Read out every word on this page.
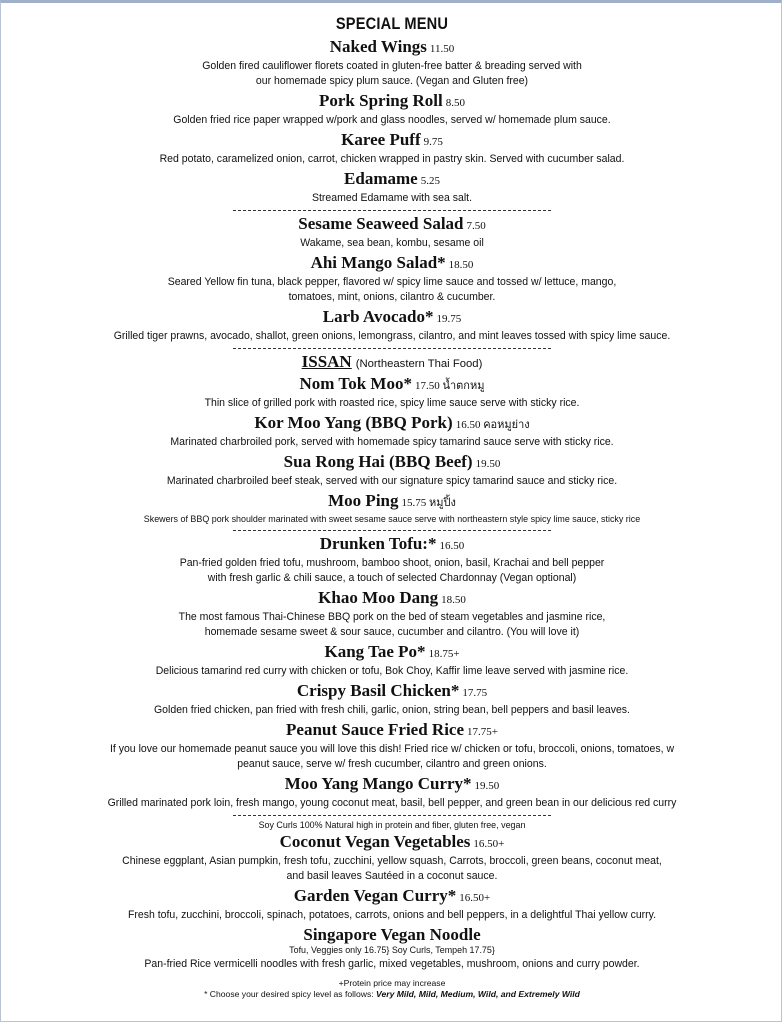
SPECIAL MENU
Naked Wings 11.50
Golden fired cauliflower florets coated in gluten-free batter & breading served with
our homemade spicy plum sauce. (Vegan and Gluten free)
Pork Spring Roll 8.50
Golden fried rice paper wrapped w/pork and glass noodles, served w/ homemade plum sauce.
Karee Puff 9.75
Red potato, caramelized onion, carrot, chicken wrapped in pastry skin. Served with cucumber salad.
Edamame 5.25
Streamed Edamame with sea salt.
Sesame Seaweed Salad 7.50
Wakame, sea bean, kombu, sesame oil
Ahi Mango Salad* 18.50
Seared Yellow fin tuna, black pepper, flavored w/ spicy lime sauce and tossed w/ lettuce, mango,
tomatoes, mint, onions, cilantro & cucumber.
Larb Avocado* 19.75
Grilled tiger prawns, avocado, shallot, green onions, lemongrass, cilantro, and mint leaves tossed with spicy lime sauce.
ISSAN (Northeastern Thai Food)
Nom Tok Moo* 17.50 น้ำตกหมู
Thin slice of grilled pork with roasted rice, spicy lime sauce serve with sticky rice.
Kor Moo Yang (BBQ Pork) 16.50 คอหมูย่าง
Marinated charbroiled pork, served with homemade spicy tamarind sauce serve with sticky rice.
Sua Rong Hai (BBQ Beef) 19.50
Marinated charbroiled beef steak, served with our signature spicy tamarind sauce and sticky rice.
Moo Ping 15.75 หมูปิ้ง
Skewers of BBQ pork shoulder marinated with sweet sesame sauce serve with northeastern style spicy lime sauce, sticky rice
Drunken Tofu:* 16.50
Pan-fried golden fried tofu, mushroom, bamboo shoot, onion, basil, Krachai and bell pepper
with fresh garlic & chili sauce, a touch of selected Chardonnay (Vegan optional)
Khao Moo Dang 18.50
The most famous Thai-Chinese BBQ pork on the bed of steam vegetables and jasmine rice,
homemade sesame sweet & sour sauce, cucumber and cilantro. (You will love it)
Kang Tae Po* 18.75+
Delicious tamarind red curry with chicken or tofu, Bok Choy, Kaffir lime leave served with jasmine rice.
Crispy Basil Chicken* 17.75
Golden fried chicken, pan fried with fresh chili, garlic, onion, string bean, bell peppers and basil leaves.
Peanut Sauce Fried Rice 17.75+
If you love our homemade peanut sauce you will love this dish! Fried rice w/ chicken or tofu, broccoli, onions, tomatoes, w
peanut sauce, serve w/ fresh cucumber, cilantro and green onions.
Moo Yang Mango Curry* 19.50
Grilled marinated pork loin, fresh mango, young coconut meat, basil, bell pepper, and green bean in our delicious red curry
Soy Curls 100% Natural high in protein and fiber, gluten free, vegan
Coconut Vegan Vegetables 16.50+
Chinese eggplant, Asian pumpkin, fresh tofu, zucchini, yellow squash, Carrots, broccoli, green beans, coconut meat,
and basil leaves Sautéed in a coconut sauce.
Garden Vegan Curry* 16.50+
Fresh tofu, zucchini, broccoli, spinach, potatoes, carrots, onions and bell peppers, in a delightful Thai yellow curry.
Singapore Vegan Noodle
Tofu, Veggies only 16.75} Soy Curls, Tempeh 17.75}
Pan-fried Rice vermicelli noodles with fresh garlic, mixed vegetables, mushroom, onions and curry powder.
+Protein price may increase
* Choose your desired spicy level as follows: Very Mild, Mild, Medium, Wild, and Extremely Wild
